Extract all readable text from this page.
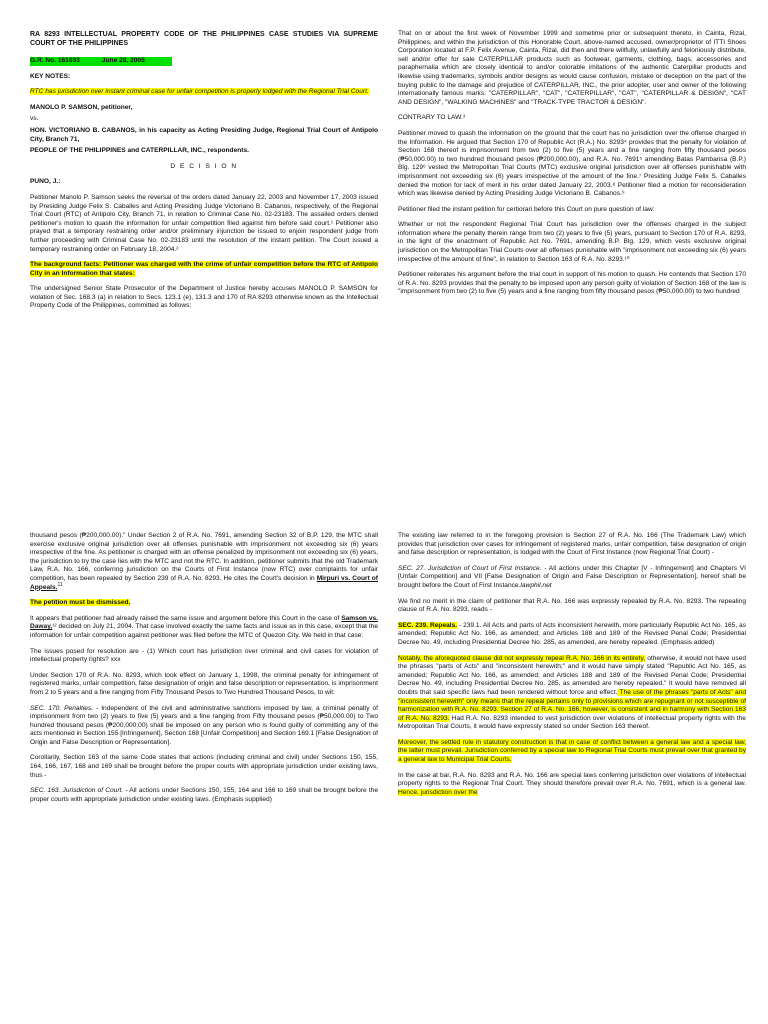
RA 8293 INTELLECTUAL PROPERTY CODE OF THE PHILIPPINES CASE STUDIES VIA SUPREME COURT OF THE PHILIPPINES

G.R. No. 161693	June 28, 2005

KEY NOTES:

RTC has jurisdiction over instant criminal case for unfair competition is properly lodged with the Regional Trial Court.

MANOLO P. SAMSON, petitioner,

vs.

HON. VICTORIANO B. CABANOS, in his capacity as Acting Presiding Judge, Regional Trial Court of Antipolo City, Branch 71,

PEOPLE OF THE PHILIPPINES and CATERPILLAR, INC., respondents.

D E C I S I O N

PUNO, J.:

Petitioner Manolo P. Samson seeks the reversal of the orders dated January 22, 2003 and November 17, 2003 issued by Presiding Judge Felix S. Caballes and Acting Presiding Judge Victoriano B. Cabanos, respectively, of the Regional Trial Court (RTC) of Antipolo City, Branch 71, in relation to Criminal Case No. 02-23183. The assailed orders denied petitioner's motion to quash the information for unfair competition filed against him before said court.¹ Petitioner also prayed that a temporary restraining order and/or preliminary injunction be issued to enjoin respondent judge from further proceeding with Criminal Case No. 02-23183 until the resolution of the instant petition. The Court issued a temporary restraining order on February 18, 2004.²

The background facts: Petitioner was charged with the crime of unfair competition before the RTC of Antipolo City in an Information that states:

The undersigned Senior State Prosecutor of the Department of Justice hereby accuses MANOLO P. SAMSON for violation of Sec. 168.3 (a) in relation to Secs. 123.1 (e), 131.3 and 170 of RA 8293 otherwise known as the Intellectual Property Code of the Philippines, committed as follows:

That on or about the first week of November 1999 and sometime prior or subsequent thereto, in Cainta, Rizal, Philippines, and within the jurisdiction of this Honorable Court, above-named accused, owner/proprietor of ITTI Shoes Corporation located at F.P. Felix Avenue, Cainta, Rizal, did then and there willfully, unlawfully and feloniously distribute, sell and/or offer for sale CATERPILLAR products such as footwear, garments, clothing, bags, accessories and paraphernalia which are closely identical to and/or colorable imitations of the authentic Caterpillar products and likewise using trademarks, symbols and/or designs as would cause confusion, mistake or deception on the part of the buying public to the damage and prejudice of CATERPILLAR, INC., the prior adopter, user and owner of the following internationally famous marks: "CATERPILLAR", "CAT", "CATERPILLAR", "CAT", "CATERPILLAR & DESIGN", "CAT AND DESIGN", "WALKING MACHINES" and "TRACK-TYPE TRACTOR & DESIGN".

CONTRARY TO LAW.³

Petitioner moved to quash the information on the ground that the court has no jurisdiction over the offense charged in the Information. He argued that Section 170 of Republic Act (R.A.) No. 8293⁴ provides that the penalty for violation of Section 168 thereof is imprisonment from two (2) to five (5) years and a fine ranging from fifty thousand pesos (₱50,000.00) to two hundred thousand pesos (₱200,000.00), and R.A. No. 7691⁵ amending Batas Pambansa (B.P.) Blg. 129⁶ vested the Metropolitan Trial Courts (MTC) exclusive original jurisdiction over all offenses punishable with imprisonment not exceeding six (6) years irrespective of the amount of the fine.⁷ Presiding Judge Felix S. Caballes denied the motion for lack of merit in his order dated January 22, 2003.⁸ Petitioner filed a motion for reconsideration which was likewise denied by Acting Presiding Judge Victoriano B. Cabanos.⁹

Petitioner filed the instant petition for certiorari before this Court on pure question of law:

Whether or not the respondent Regional Trial Court has jurisdiction over the offenses charged in the subject information where the penalty therein range from two (2) years to five (5) years, pursuant to Section 170 of R.A. 8293, in the light of the enactment of Republic Act No. 7691, amending B.P. Blg. 129, which vests exclusive original jurisdiction on the Metropolitan Trial Courts over all offenses punishable with "imprisonment not exceeding six (6) years irrespective of the amount of fine", in relation to Section 163 of R.A. No. 8293.¹⁰

Petitioner reiterates his argument before the trial court in support of his motion to quash. He contends that Section 170 of R.A. No. 8293 provides that the penalty to be imposed upon any person guilty of violation of Section 168 of the law is "imprisonment from two (2) to five (5) years and a fine ranging from fifty thousand pesos (₱50,000.00) to two hundred

thousand pesos (₱200,000.00)." Under Section 2 of R.A. No. 7691, amending Section 32 of B.P. 129, the MTC shall exercise exclusive original jurisdiction over all offenses punishable with imprisonment not exceeding six (6) years irrespective of the fine. As petitioner is charged with an offense penalized by imprisonment not exceeding six (6) years, the jurisdiction to try the case lies with the MTC and not the RTC. In addition, petitioner submits that the old Trademark Law, R.A. No. 166, conferring jurisdiction on the Courts of First Instance (now RTC) over complaints for unfair competition, has been repealed by Section 239 of R.A. No. 8293. He cites the Court's decision in Mirpuri vs. Court of Appeals.$^{11}$

The petition must be dismissed.

It appears that petitioner had already raised the same issue and argument before this Court in the case of Samson vs. Daway,¹² decided on July 21, 2004. That case involved exactly the same facts and issue as in this case, except that the information for unfair competition against petitioner was filed before the MTC of Quezon City. We held in that case:

The issues posed for resolution are - (1) Which court has jurisdiction over criminal and civil cases for violation of intellectual property rights? xxx

Under Section 170 of R.A. No. 8293, which took effect on January 1, 1998, the criminal penalty for infringement of registered marks, unfair competition, false designation of origin and false description or representation, is imprisonment from 2 to 5 years and a fine ranging from Fifty Thousand Pesos to Two Hundred Thousand Pesos, to wit:

SEC. 170. Penalties. - Independent of the civil and administrative sanctions imposed by law, a criminal penalty of imprisonment from two (2) years to five (5) years and a fine ranging from Fifty thousand pesos (₱50,000.00) to Two hundred thousand pesos (₱200,000.00) shall be imposed on any person who is found guilty of committing any of the acts mentioned in Section 155 [Infringement], Section 168 [Unfair Competition] and Section 169.1 [False Designation of Origin and False Description or Representation].

Corollarily, Section 163 of the same Code states that actions (including criminal and civil) under Sections 150, 155, 164, 166, 167, 168 and 169 shall be brought before the proper courts with appropriate jurisdiction under existing laws, thus -

SEC. 163. Jurisdiction of Court. - All actions under Sections 150, 155, 164 and 166 to 169 shall be brought before the proper courts with appropriate jurisdiction under existing laws. (Emphasis supplied)

The existing law referred to in the foregoing provision is Section 27 of R.A. No. 166 (The Trademark Law) which provides that jurisdiction over cases for infringement of registered marks, unfair competition, false designation of origin and false description or representation, is lodged with the Court of First Instance (now Regional Trial Court) -

SEC. 27. Jurisdiction of Court of First Instance. - All actions under this Chapter [V - Infringement] and Chapters VI [Unfair Competition] and VII [False Designation of Origin and False Description or Representation], hereof shall be brought before the Court of First Instance.lawphil.net

We find no merit in the claim of petitioner that R.A. No. 166 was expressly repealed by R.A. No. 8293. The repealing clause of R.A. No. 8293, reads -

SEC. 239. Repeals. - 239.1. All Acts and parts of Acts inconsistent herewith, more particularly Republic Act No. 165, as amended; Republic Act No. 166, as amended; and Articles 188 and 189 of the Revised Penal Code; Presidential Decree No. 49, including Presidential Decree No. 285, as amended, are hereby repealed. (Emphasis added)

Notably, the aforequoted clause did not expressly repeal R.A. No. 166 in its entirety, otherwise, it would not have used the phrases "parts of Acts" and "inconsistent herewith;" and it would have simply stated "Republic Act No. 165, as amended; Republic Act No. 166, as amended; and Articles 188 and 189 of the Revised Penal Code; Presidential Decree No. 49, including Presidential Decree No. 285, as amended are hereby repealed." It would have removed all doubts that said specific laws had been rendered without force and effect. The use of the phrases "parts of Acts" and "inconsistent herewith" only means that the repeal pertains only to provisions which are repugnant or not susceptible of harmonization with R.A. No. 8293. Section 27 of R.A. No. 166, however, is consistent and in harmony with Section 163 of R.A. No. 8293. Had R.A. No. 8293 intended to vest jurisdiction over violations of intellectual property rights with the Metropolitan Trial Courts, it would have expressly stated so under Section 163 thereof.

Moreover, the settled rule in statutory construction is that in case of conflict between a general law and a special law, the latter must prevail. Jurisdiction conferred by a special law to Regional Trial Courts must prevail over that granted by a general law to Municipal Trial Courts.

In the case at bar, R.A. No. 8293 and R.A. No. 166 are special laws conferring jurisdiction over violations of intellectual property rights to the Regional Trial Court. They should therefore prevail over R.A. No. 7691, which is a general law. Hence, jurisdiction over the
